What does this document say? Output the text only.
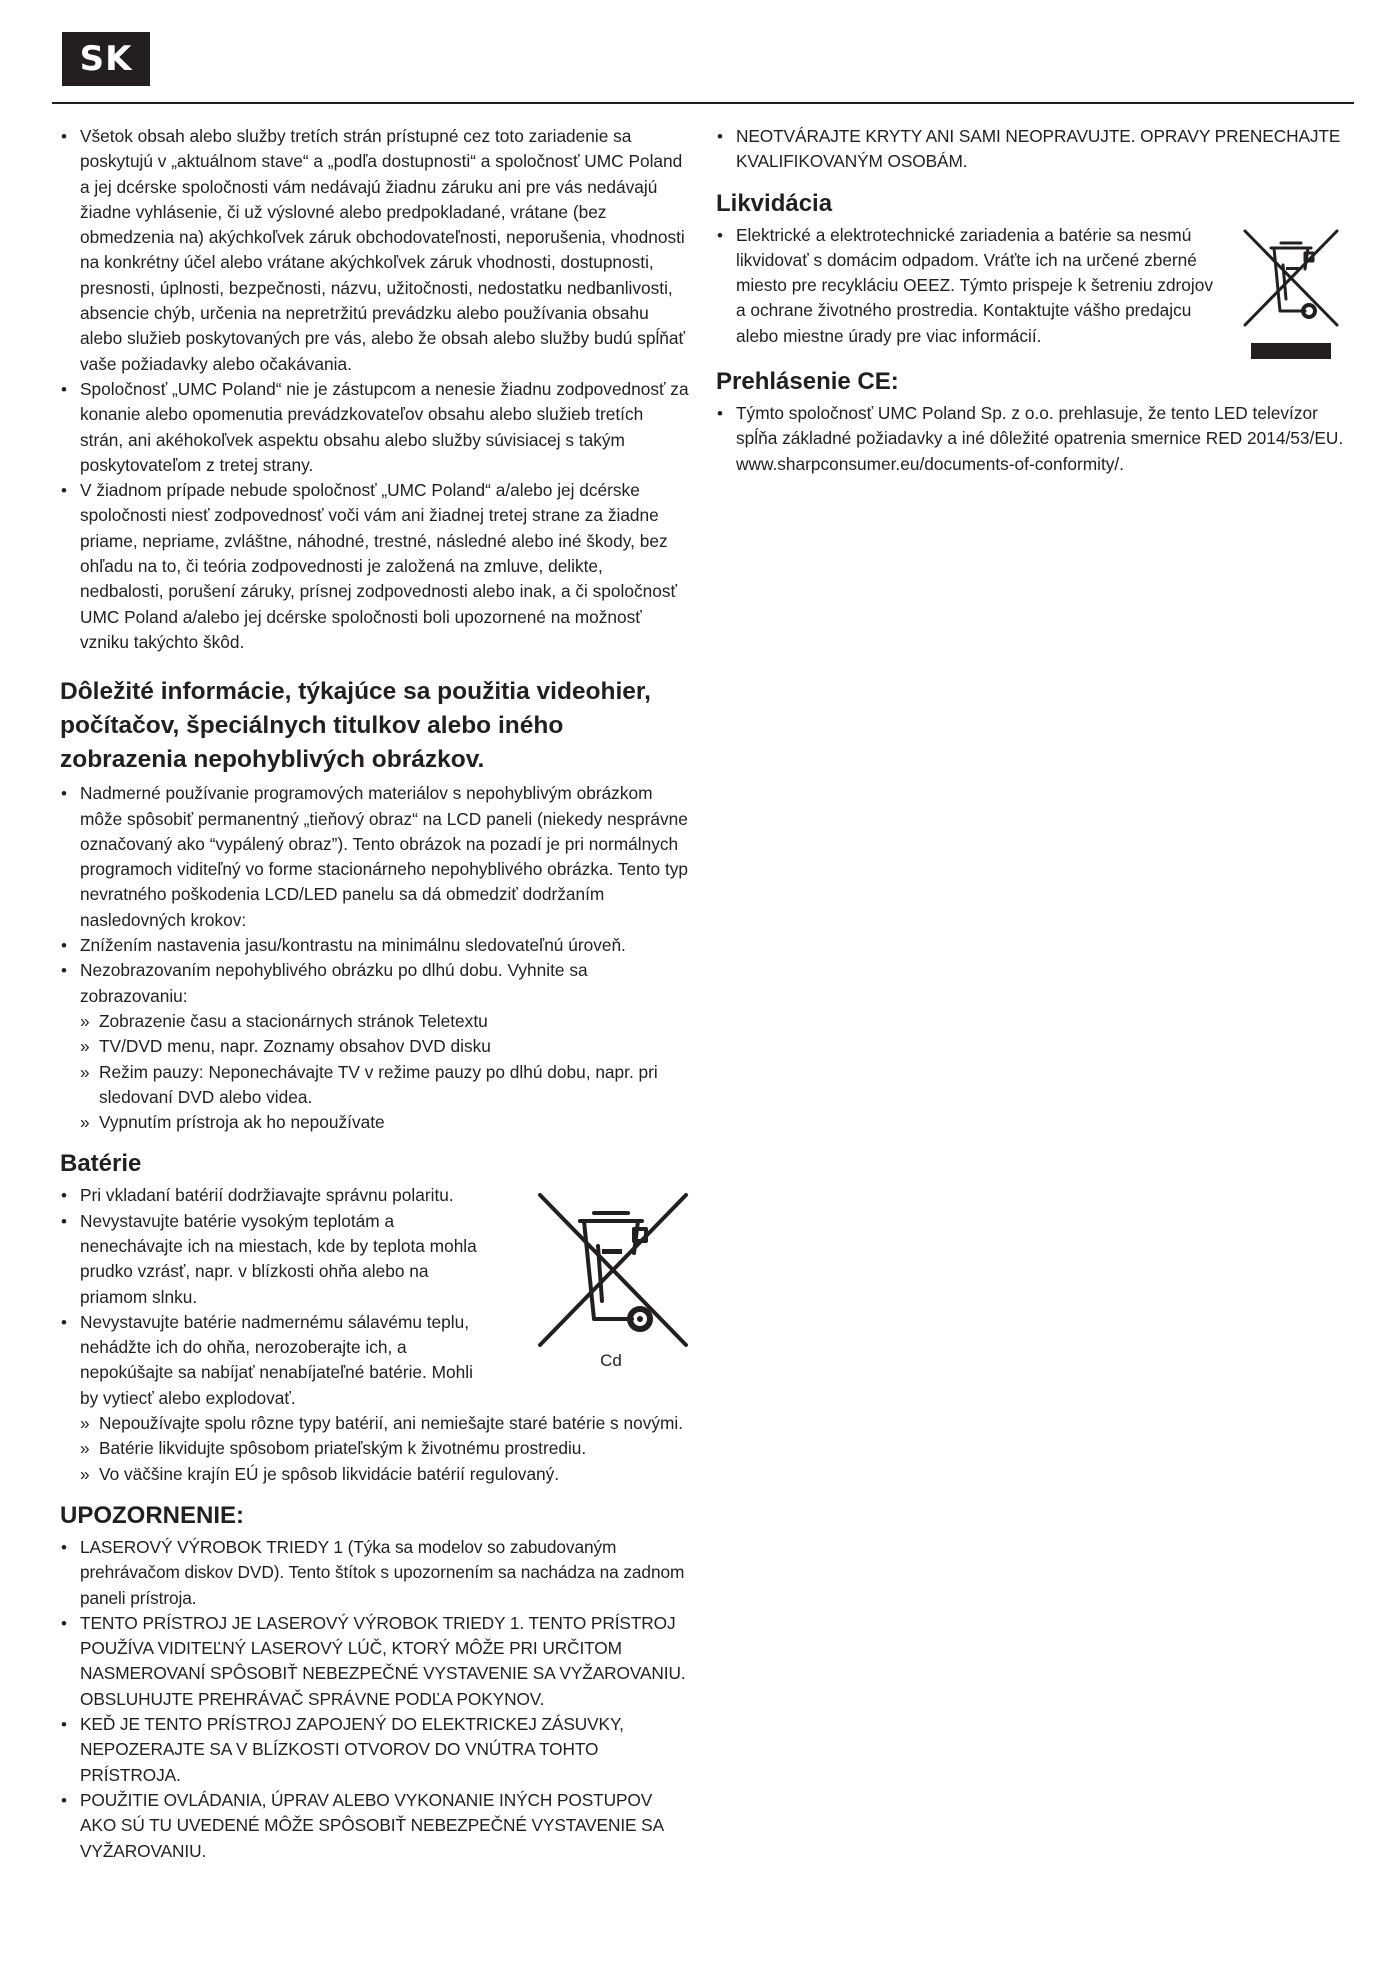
SK
• Všetok obsah alebo služby tretích strán prístupné cez toto zariadenie sa poskytujú v „aktuálnom stave“ a „podľa dostupnosti“ a spoločnosť UMC Poland a jej dcérske spoločnosti vám nedávajú žiadnu záruku ani pre vás nedávajú žiadne vyhlásenie, či už výslovné alebo predpokladané, vrátane (bez obmedzenia na) akýchkoľvek záruk obchodovateľnosti, neporušenia, vhodnosti na konkrétny účel alebo vrátane akýchkoľvek záruk vhodnosti, dostupnosti, presnosti, úplnosti, bezpečnosti, názvu, užitočnosti, nedostatku nedbanlivosti, absencie chýb, určenia na nepretržitú prevádzku alebo používania obsahu alebo služieb poskytovaných pre vás, alebo že obsah alebo služby budú spĺňať vaše požiadavky alebo očakávania.
• Spoločnosť „UMC Poland“ nie je zástupcom a nenesie žiadnu zodpovednosť za konanie alebo opomenutia prevádzkovateľov obsahu alebo služieb tretích strán, ani akéhokoľvek aspektu obsahu alebo služby súvisiacej s takým poskytovateľom z tretej strany.
• V žiadnom prípade nebude spoločnosť „UMC Poland“ a/alebo jej dcérske spoločnosti niesť zodpovednosť voči vám ani žiadnej tretej strane za žiadne priame, nepriame, zvláštne, náhodné, trestné, následné alebo iné škody, bez ohľadu na to, či teória zodpovednosti je založená na zmluve, delikte, nedbalosti, porušení záruky, prísnej zodpovednosti alebo inak, a či spoločnosť UMC Poland a/alebo jej dcérske spoločnosti boli upozornené na možnosť vzniku takýchto škôd.
Dôležité informácie, týkajúce sa použitia videohier, počítačov, špeciálnych titulkov alebo iného zobrazenia nepohyblivých obrázkov.
• Nadmerné používanie programových materiálov s nepohyblivým obrázkom môže spôsobiť permanentný „tieňový obraz“ na LCD paneli (niekedy nesprávne označovaný ako “vypálený obraz”). Tento obrázok na pozadí je pri normálnych programoch viditeľný vo forme stacionárneho nepohyblivého obrázka. Tento typ nevratného poškodenia LCD/LED panelu sa dá obmedziť dodržaním nasledovných krokov:
• Znížením nastavenia jasu/kontrastu na minimálnu sledovateľnú úroveň.
• Nezobrazovaním nepohyblivého obrázku po dlhú dobu. Vyhnite sa zobrazovaniu:
» Zobrazenie času a stacionárnych stránok Teletextu
» TV/DVD menu, napr. Zoznamy obsahov DVD disku
» Režim pauzy: Neponechávajte TV v režime pauzy po dlhú dobu, napr. pri sledovaní DVD alebo videa.
» Vypnutím prístroja ak ho nepoužívate
Batérie
• Pri vkladaní batérií dodržiavajte správnu polaritu.
• Nevystavujte batérie vysokým teplotám a nenechávajte ich na miestach, kde by teplota mohla prudko vzrásť, napr. v blízkosti ohňa alebo na priamom slnku.
• Nevystavujte batérie nadmernému sálavému teplu, nehádžte ich do ohňa, nerozoberajte ich, a nepokúšajte sa nabíjať nenabíjateľné batérie. Mohli by vytiecť alebo explodovať.
Cd
» Nepoužívajte spolu rôzne typy batérií, ani nemiešajte staré batérie s novými.
» Batérie likvidujte spôsobom priateľským k životnému prostrediu.
» Vo väčšine krajín EÚ je spôsob likvidácie batérií regulovaný.
UPOZORNENIE:
• LASEROVÝ VÝROBOK TRIEDY 1 (Týka sa modelov so zabudovaným prehrávačom diskov DVD). Tento štítok s upozornením sa nachádza na zadnom paneli prístroja.
• TENTO PRÍSTROJ JE LASEROVÝ VÝROBOK TRIEDY 1. TENTO PRÍSTROJ POUŽÍVA VIDITEĽNÝ LASEROVÝ LÚČ, KTORÝ MÔŽE PRI URČITOM NASMEROVANÍ SPÔSOBIŤ NEBEZPEČNÉ VYSTAVENIE SA VYŽAROVANIU. OBSLUHUJTE PREHRÁVAČ SPRÁVNE PODĽA POKYNOV.
• KEĎ JE TENTO PRÍSTROJ ZAPOJENÝ DO ELEKTRICKEJ ZÁSUVKY, NEPOZERAJTE SA V BLÍZKOSTI OTVOROV DO VNÚTRA TOHTO PRÍSTROJA.
• POUŽITIE OVLÁDANIA, ÚPRAV ALEBO VYKONANIE INÝCH POSTUPOV AKO SÚ TU UVEDENÉ MÔŽE SPÔSOBIŤ NEBEZPEČNÉ VYSTAVENIE SA VYŽAROVANIU.
• NEOTVÁRAJTE KRYTY ANI SAMI NEOPRAVUJTE. OPRAVY PRENECHAJTE KVALIFIKOVANÝM OSOBÁM.
Likvidácia
• Elektrické a elektrotechnické zariadenia a batérie sa nesmú likvidovať s domácim odpadom. Vráťte ich na určené zberné miesto pre recykláciu OEEZ. Týmto prispeje k šetreniu zdrojov a ochrane životného prostredia. Kontaktujte vášho predajcu alebo miestne úrady pre viac informácií.
Prehlásenie CE:
• Týmto spoločnosť UMC Poland Sp. z o.o. prehlasuje, že tento LED televízor spĺňa základné požiadavky a iné dôležité opatrenia smernice RED 2014/53/EU. www.sharpconsumer.eu/documents-of-conformity/.
